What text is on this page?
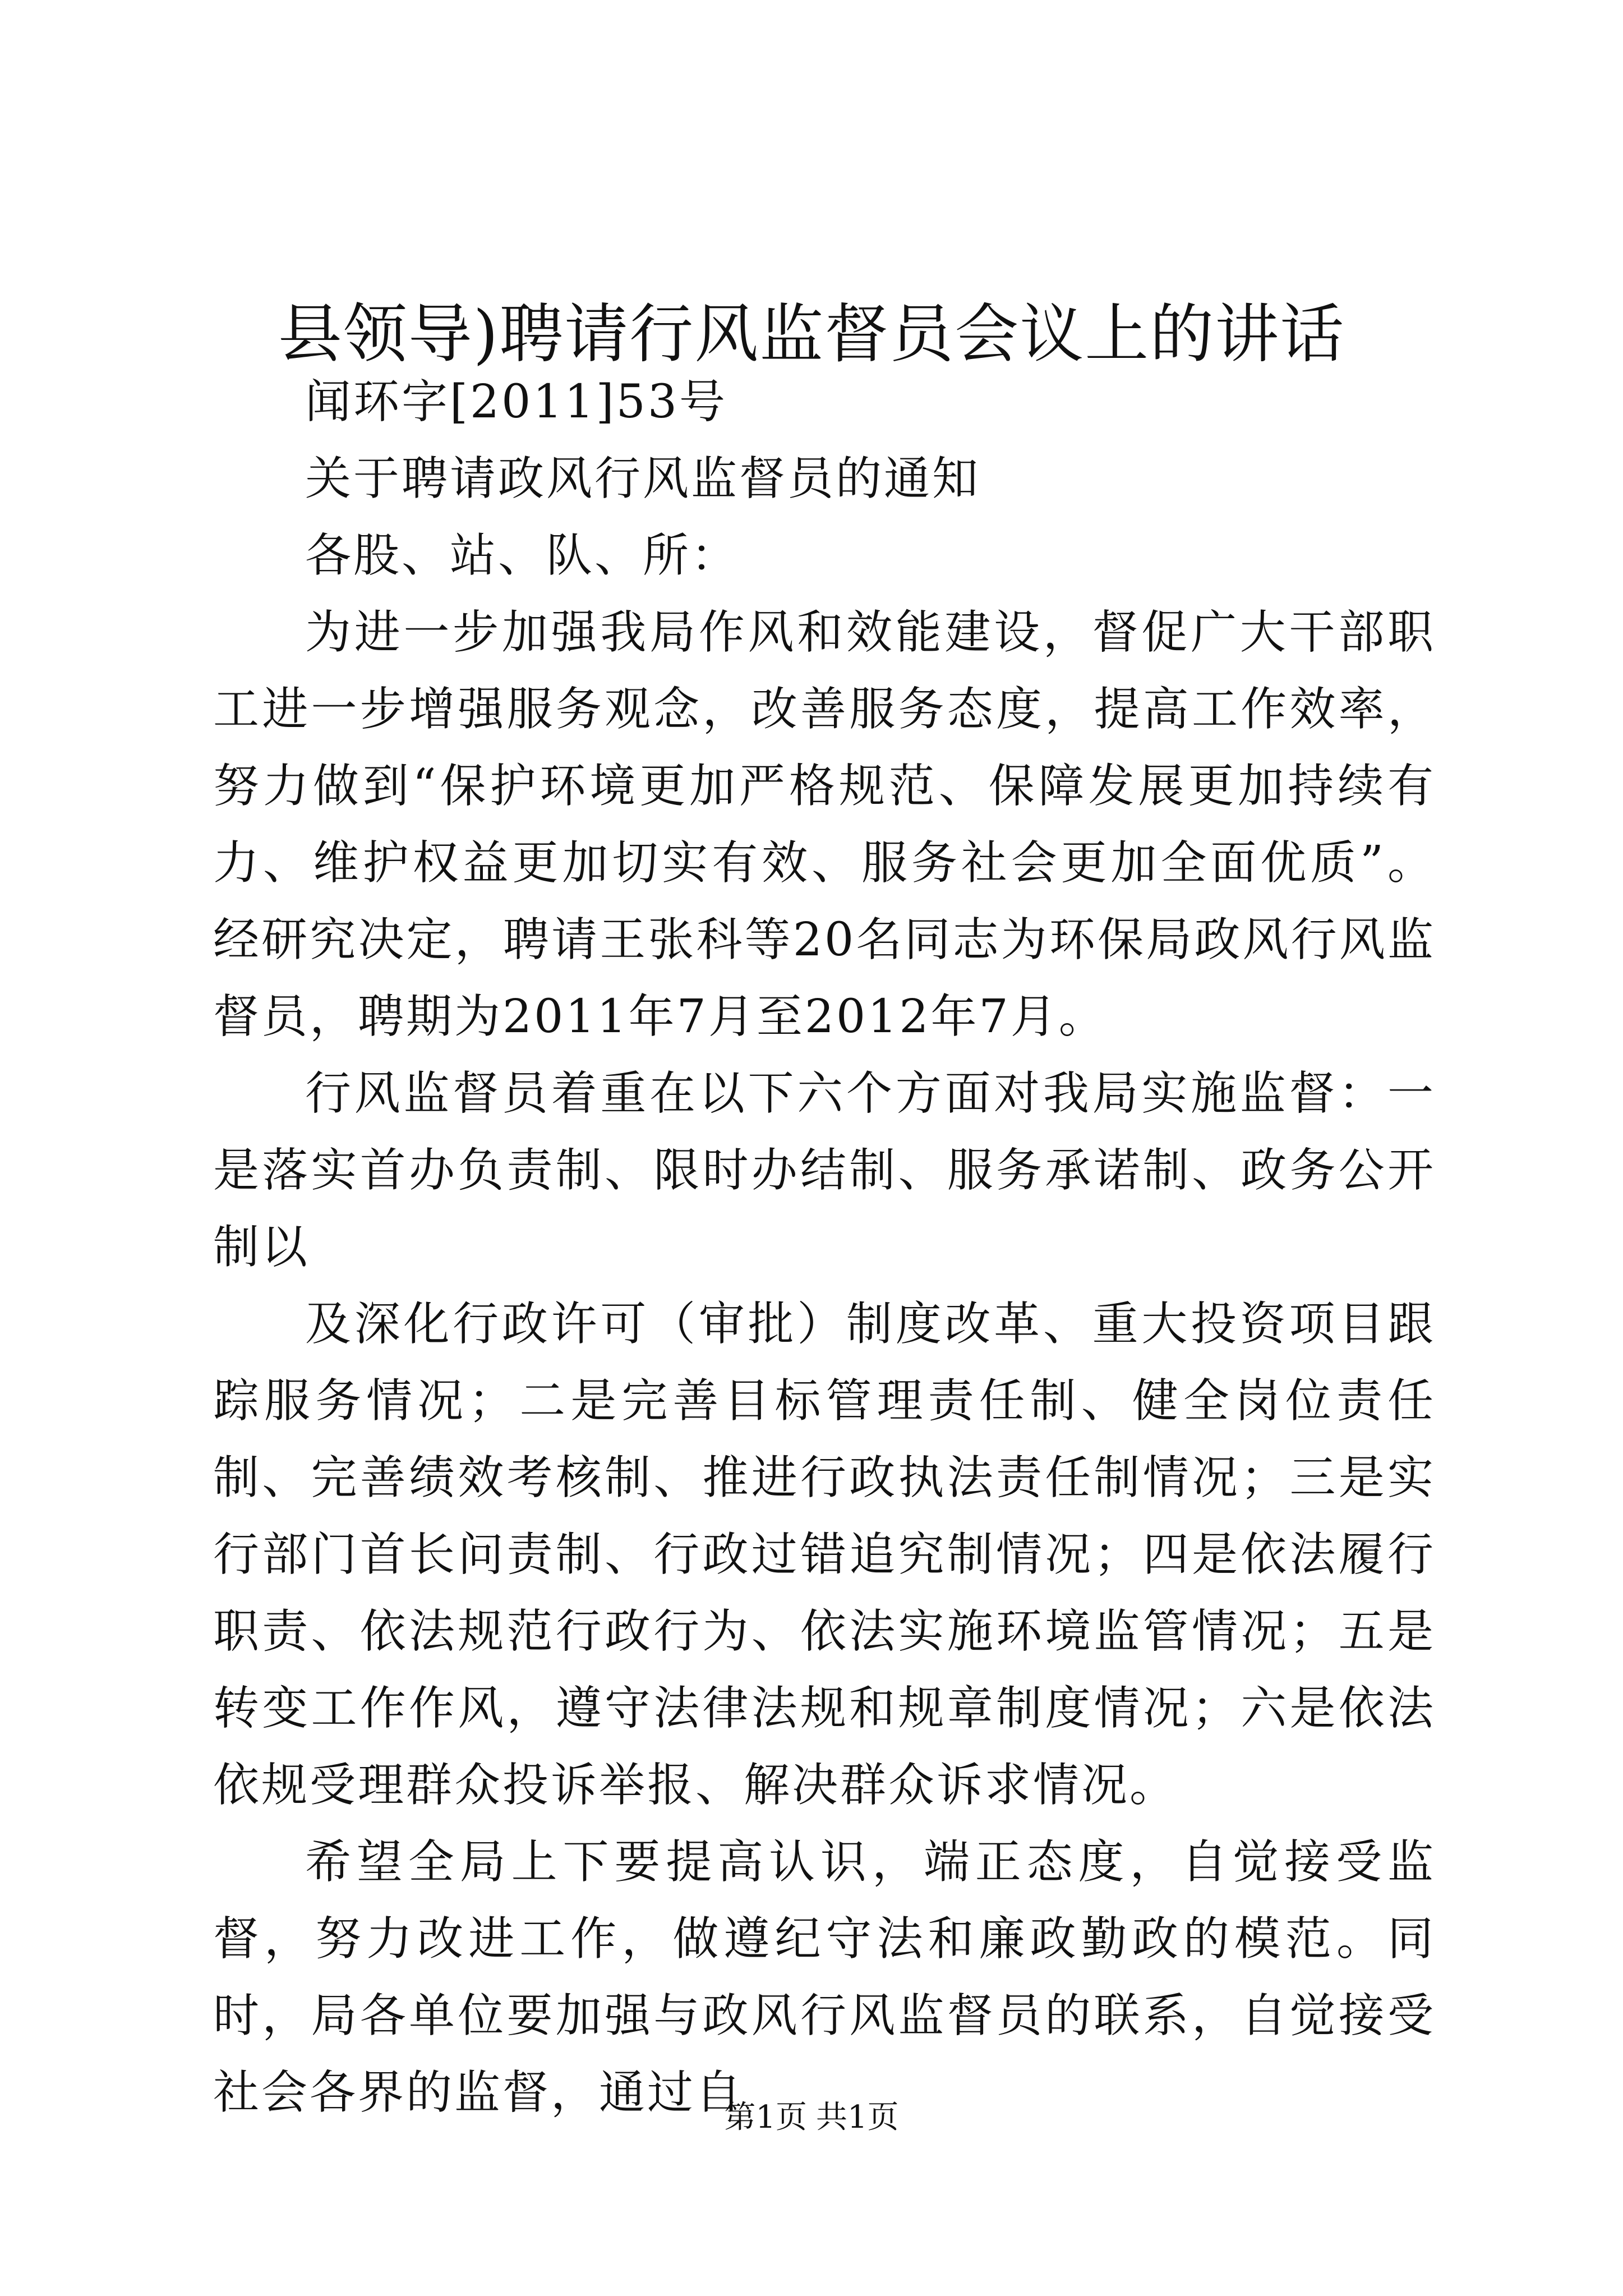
县领导)聘请行风监督员会议上的讲话

闻环字[2011]53号

关于聘请政风行风监督员的通知

各股、站、队、所：

为进一步加强我局作风和效能建设，督促广大干部职工进一步增强服务观念，改善服务态度，提高工作效率，努力做到“保护环境更加严格规范、保障发展更加持续有力、维护权益更加切实有效、服务社会更加全面优质”。经研究决定，聘请王张科等20名同志为环保局政风行风监督员，聘期为2011年7月至2012年7月。

行风监督员着重在以下六个方面对我局实施监督：一是落实首办负责制、限时办结制、服务承诺制、政务公开制以

及深化行政许可（审批）制度改革、重大投资项目跟踪服务情况；二是完善目标管理责任制、健全岗位责任制、完善绩效考核制、推进行政执法责任制情况；三是实行部门首长问责制、行政过错追究制情况；四是依法履行职责、依法规范行政行为、依法实施环境监管情况；五是转变工作作风，遵守法律法规和规章制度情况；六是依法依规受理群众投诉举报、解决群众诉求情况。

希望全局上下要提高认识，端正态度，自觉接受监督，努力改进工作，做遵纪守法和廉政勤政的模范。同时，局各单位要加强与政风行风监督员的联系，自觉接受社会各界的监督，通过自

第1页 共1页
